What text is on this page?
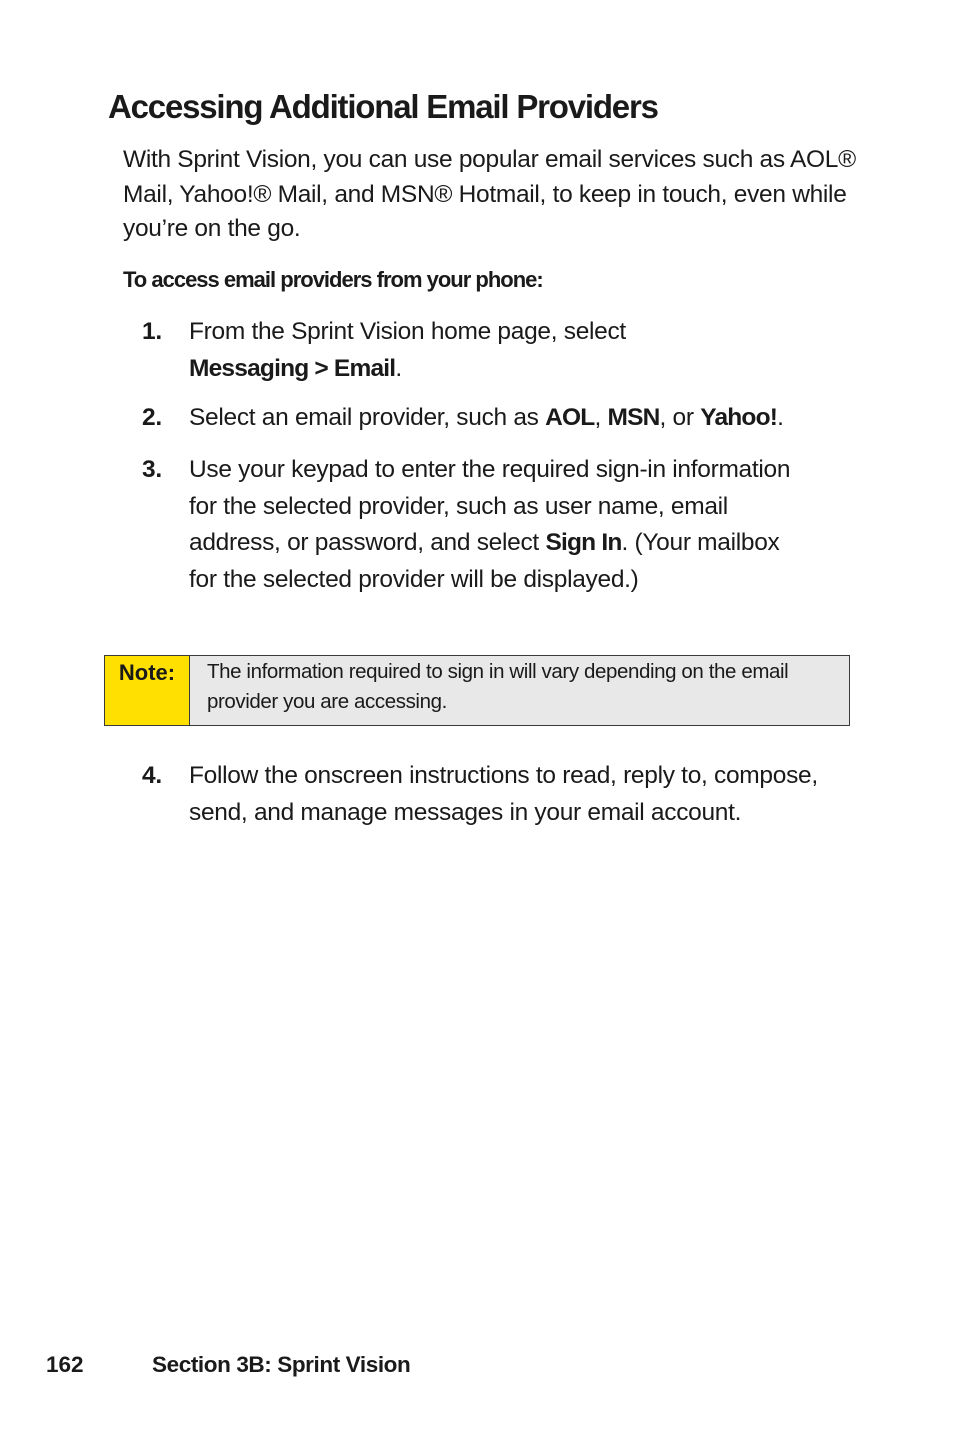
Accessing Additional Email Providers

With Sprint Vision, you can use popular email services such as AOL® Mail, Yahoo!® Mail, and MSN® Hotmail, to keep in touch, even while you’re on the go.

To access email providers from your phone:

1. From the Sprint Vision home page, select
Messaging > Email.
2. Select an email provider, such as AOL, MSN, or Yahoo!.
3. Use your keypad to enter the required sign-in information for the selected provider, such as user name, email address, or password, and select Sign In. (Your mailbox for the selected provider will be displayed.)
Note:	The information required to sign in will vary depending on the email provider you are accessing.
4. Follow the onscreen instructions to read, reply to, compose, send, and manage messages in your email account.
162	Section 3B: Sprint Vision
